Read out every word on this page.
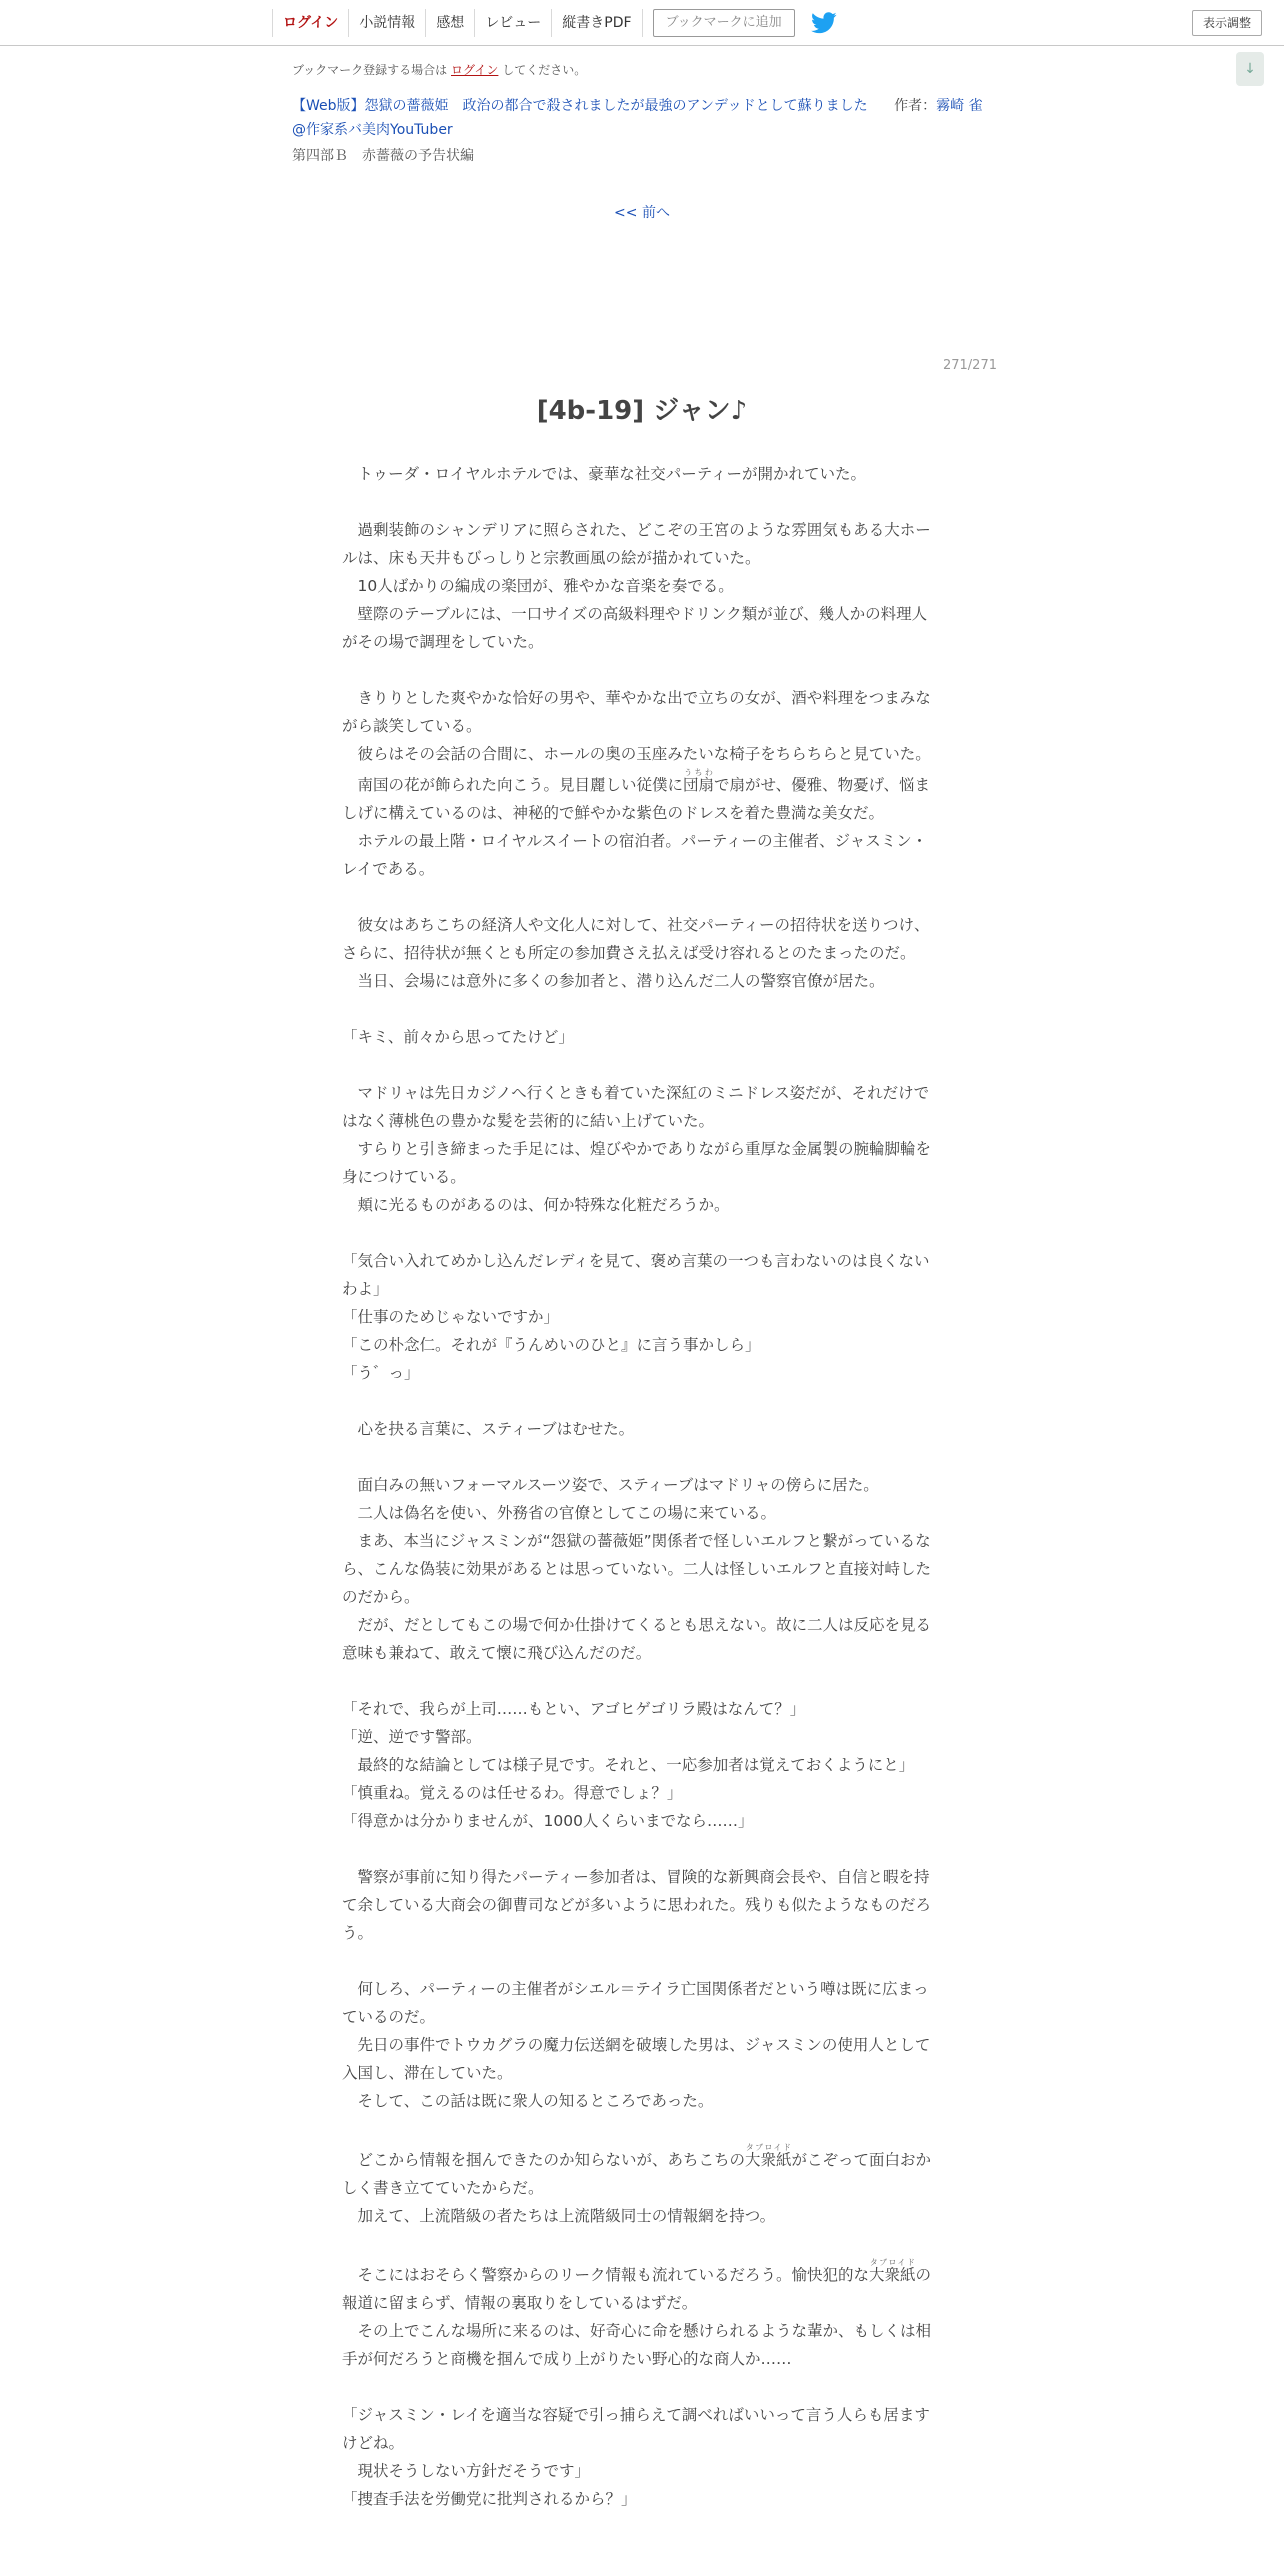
ログイン	小説情報	感想	レビュー	縦書きPDF	ブックマークに追加	表示調整
↓
ブックマーク登録する場合は ログイン してください。
【Web版】怨獄の薔薇姫　政治の都合で殺されましたが最強のアンデッドとして蘇りました 作者：霧崎 雀
@作家系バ美肉YouTuber
第四部Ｂ　赤薔薇の予告状編
<< 前へ
271/271
[4b-19] ジャン♪

　トゥーダ・ロイヤルホテルでは、豪華な社交パーティーが開かれていた。

　過剰装飾のシャンデリアに照らされた、どこぞの王宮のような雰囲気もある大ホールは、床も天井もびっしりと宗教画風の絵が描かれていた。

　10人ばかりの編成の楽団が、雅やかな音楽を奏でる。

　壁際のテーブルには、一口サイズの高級料理やドリンク類が並び、幾人かの料理人がその場で調理をしていた。

　きりりとした爽やかな恰好の男や、華やかな出で立ちの女が、酒や料理をつまみながら談笑している。

　彼らはその会話の合間に、ホールの奥の玉座みたいな椅子をちらちらと見ていた。

　南国の花が飾られた向こう。見目麗しい従僕に団扇うちわで扇がせ、優雅、物憂げ、悩ましげに構えているのは、神秘的で鮮やかな紫色のドレスを着た豊満な美女だ。

　ホテルの最上階・ロイヤルスイートの宿泊者。パーティーの主催者、ジャスミン・レイである。

　彼女はあちこちの経済人や文化人に対して、社交パーティーの招待状を送りつけ、さらに、招待状が無くとも所定の参加費さえ払えば受け容れるとのたまったのだ。

　当日、会場には意外に多くの参加者と、潜り込んだ二人の警察官僚が居た。

「キミ、前々から思ってたけど」

　マドリャは先日カジノへ行くときも着ていた深紅のミニドレス姿だが、それだけではなく薄桃色の豊かな髪を芸術的に結い上げていた。

　すらりと引き締まった手足には、煌びやかでありながら重厚な金属製の腕輪脚輪を身につけている。

　頬に光るものがあるのは、何か特殊な化粧だろうか。

「気合い入れてめかし込んだレディを見て、褒め言葉の一つも言わないのは良くないわよ」

「仕事のためじゃないですか」

「この朴念仁。それが『うんめいのひと』に言う事かしら」

「う゛っ」

　心を抉る言葉に、スティーブはむせた。

　面白みの無いフォーマルスーツ姿で、スティーブはマドリャの傍らに居た。

　二人は偽名を使い、外務省の官僚としてこの場に来ている。

　まあ、本当にジャスミンが“怨獄の薔薇姫”関係者で怪しいエルフと繋がっているなら、こんな偽装に効果があるとは思っていない。二人は怪しいエルフと直接対峙したのだから。

　だが、だとしてもこの場で何か仕掛けてくるとも思えない。故に二人は反応を見る意味も兼ねて、敢えて懐に飛び込んだのだ。

「それで、我らが上司……もとい、アゴヒゲゴリラ殿はなんて？」

「逆、逆です警部。

　最終的な結論としては様子見です。それと、一応参加者は覚えておくようにと」

「慎重ね。覚えるのは任せるわ。得意でしょ？」

「得意かは分かりませんが、1000人くらいまでなら……」

　警察が事前に知り得たパーティー参加者は、冒険的な新興商会長や、自信と暇を持て余している大商会の御曹司などが多いように思われた。残りも似たようなものだろう。

　何しろ、パーティーの主催者がシエル＝テイラ亡国関係者だという噂は既に広まっているのだ。

　先日の事件でトウカグラの魔力伝送網を破壊した男は、ジャスミンの使用人として入国し、滞在していた。

　そして、この話は既に衆人の知るところであった。

　どこから情報を掴んできたのか知らないが、あちこちの大衆紙タブロイドがこぞって面白おかしく書き立てていたからだ。

　加えて、上流階級の者たちは上流階級同士の情報網を持つ。

　そこにはおそらく警察からのリーク情報も流れているだろう。愉快犯的な大衆紙タブロイドの報道に留まらず、情報の裏取りをしているはずだ。

　その上でこんな場所に来るのは、好奇心に命を懸けられるような輩か、もしくは相手が何だろうと商機を掴んで成り上がりたい野心的な商人か……

「ジャスミン・レイを適当な容疑で引っ捕らえて調べればいいって言う人らも居ますけどね。

　現状そうしない方針だそうです」

「捜査手法を労働党に批判されるから？」
